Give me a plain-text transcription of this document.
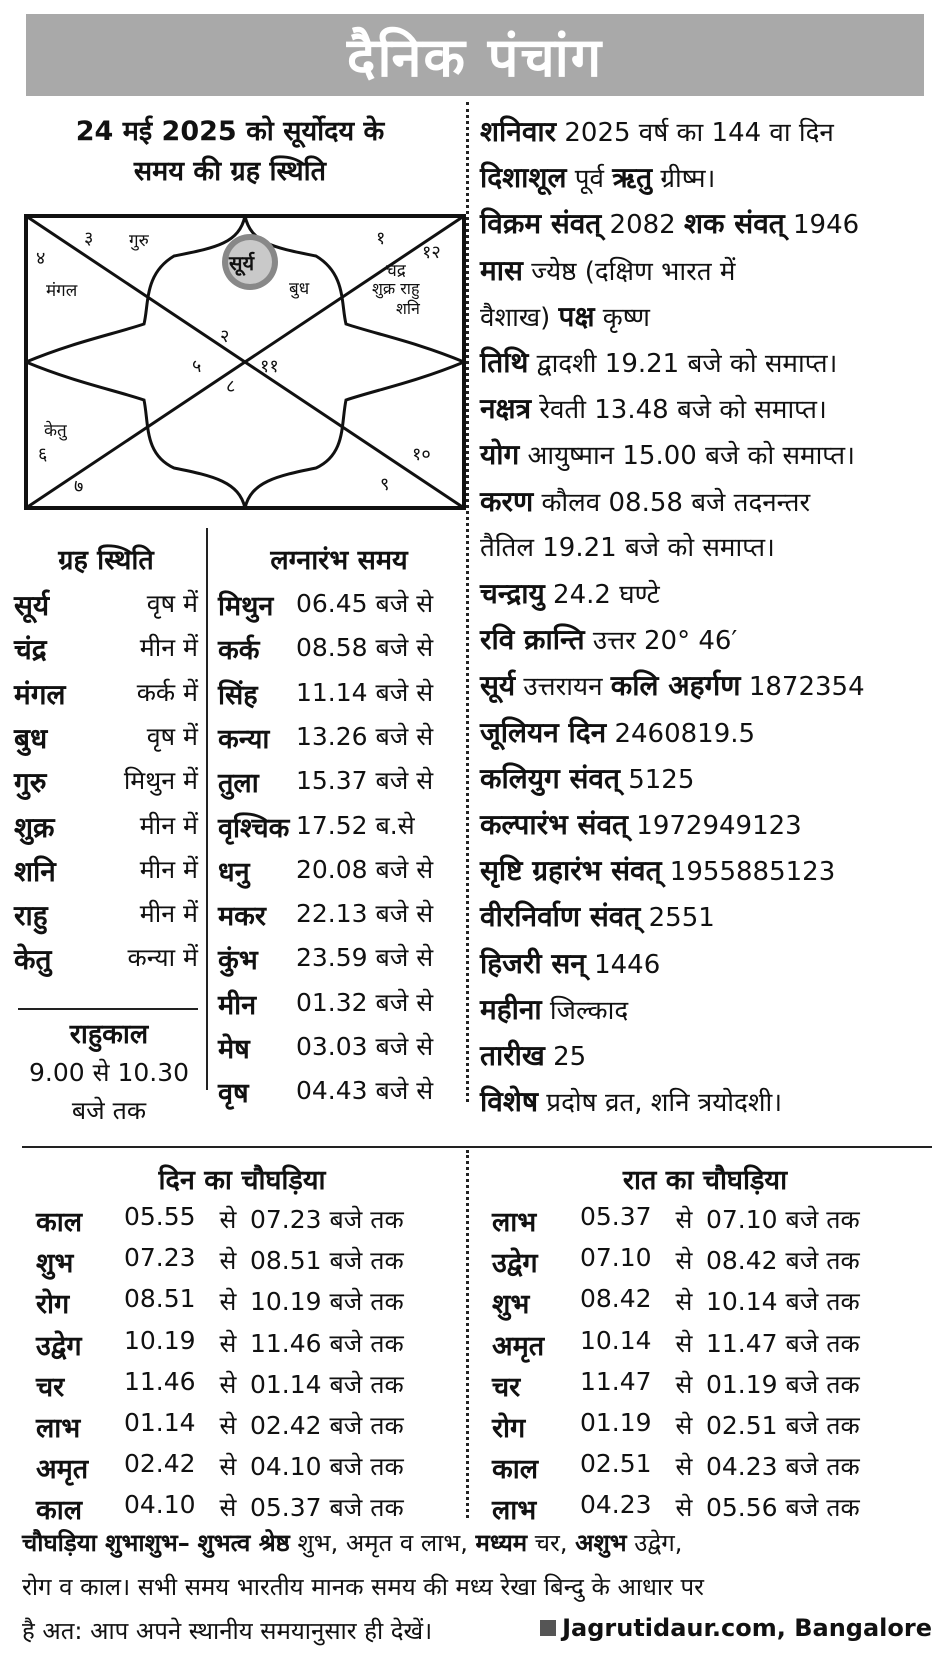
दैनिक पंचांग
24 मई 2025 को सूर्योदय के
समय की ग्रह स्थिति
३
४
गुरु
सूर्य
बुध
मंगल
१
१२
चंद्र
शुक्र राहु
शनि
२
५	११
८
केतु
६
७
१०
९
ग्रह स्थिति
सूर्य	वृष में
चंद्र	मीन में
मंगल	कर्क में
बुध	वृष में
गुरु	मिथुन में
शुक्र	मीन में
शनि	मीन में
राहु	मीन में
केतु	कन्या में
राहुकाल
9.00 से 10.30
बजे तक
लग्नारंभ समय
मिथुन 06.45 बजे से
कर्क	08.58 बजे से
सिंह	11.14 बजे से
कन्या	13.26 बजे से
तुला	15.37 बजे से
वृश्चिक 17.52 ब.से
धनु	20.08 बजे से
मकर	22.13 बजे से
कुंभ	23.59 बजे से
मीन	01.32 बजे से
मेष	03.03 बजे से
वृष	04.43 बजे से
शनिवार 2025 वर्ष का 144 वा दिन
दिशाशूल पूर्व ऋतु ग्रीष्म।
विक्रम संवत् 2082 शक संवत् 1946
मास ज्येष्ठ (दक्षिण भारत में
वैशाख) पक्ष कृष्ण
तिथि द्वादशी 19.21 बजे को समाप्त।
नक्षत्र रेवती 13.48 बजे को समाप्त।
योग आयुष्मान 15.00 बजे को समाप्त।
करण कौलव 08.58 बजे तदनन्तर
तैतिल 19.21 बजे को समाप्त।
चन्द्रायु 24.2 घण्टे
रवि क्रान्ति उत्तर 20° 46′
सूर्य उत्तरायन कलि अहर्गण 1872354
जूलियन दिन 2460819.5
कलियुग संवत् 5125
कल्पारंभ संवत् 1972949123
सृष्टि ग्रहारंभ संवत् 1955885123
वीरनिर्वाण संवत् 2551
हिजरी सन् 1446
महीना जिल्काद
तारीख 25
विशेष प्रदोष व्रत, शनि त्रयोदशी।
दिन का चौघड़िया	रात का चौघड़िया
काल	05.55 से 07.23 बजे तक
शुभ	07.23 से 08.51 बजे तक
रोग	08.51 से 10.19 बजे तक
उद्वेग	10.19 से 11.46 बजे तक
चर	11.46 से 01.14 बजे तक
लाभ	01.14 से 02.42 बजे तक
अमृत	02.42 से 04.10 बजे तक
काल	04.10 से 05.37 बजे तक
लाभ	05.37 से 07.10 बजे तक
उद्वेग	07.10 से 08.42 बजे तक
शुभ	08.42 से 10.14 बजे तक
अमृत	10.14 से 11.47 बजे तक
चर	11.47 से 01.19 बजे तक
रोग	01.19 से 02.51 बजे तक
काल	02.51 से 04.23 बजे तक
लाभ	04.23 से 05.56 बजे तक
चौघड़िया शुभाशुभ– शुभत्व श्रेष्ठ शुभ, अमृत व लाभ, मध्यम चर, अशुभ उद्वेग,
रोग व काल। सभी समय भारतीय मानक समय की मध्य रेखा बिन्दु के आधार पर
है अत: आप अपने स्थानीय समयानुसार ही देखें।	Jagrutidaur.com, Bangalore
